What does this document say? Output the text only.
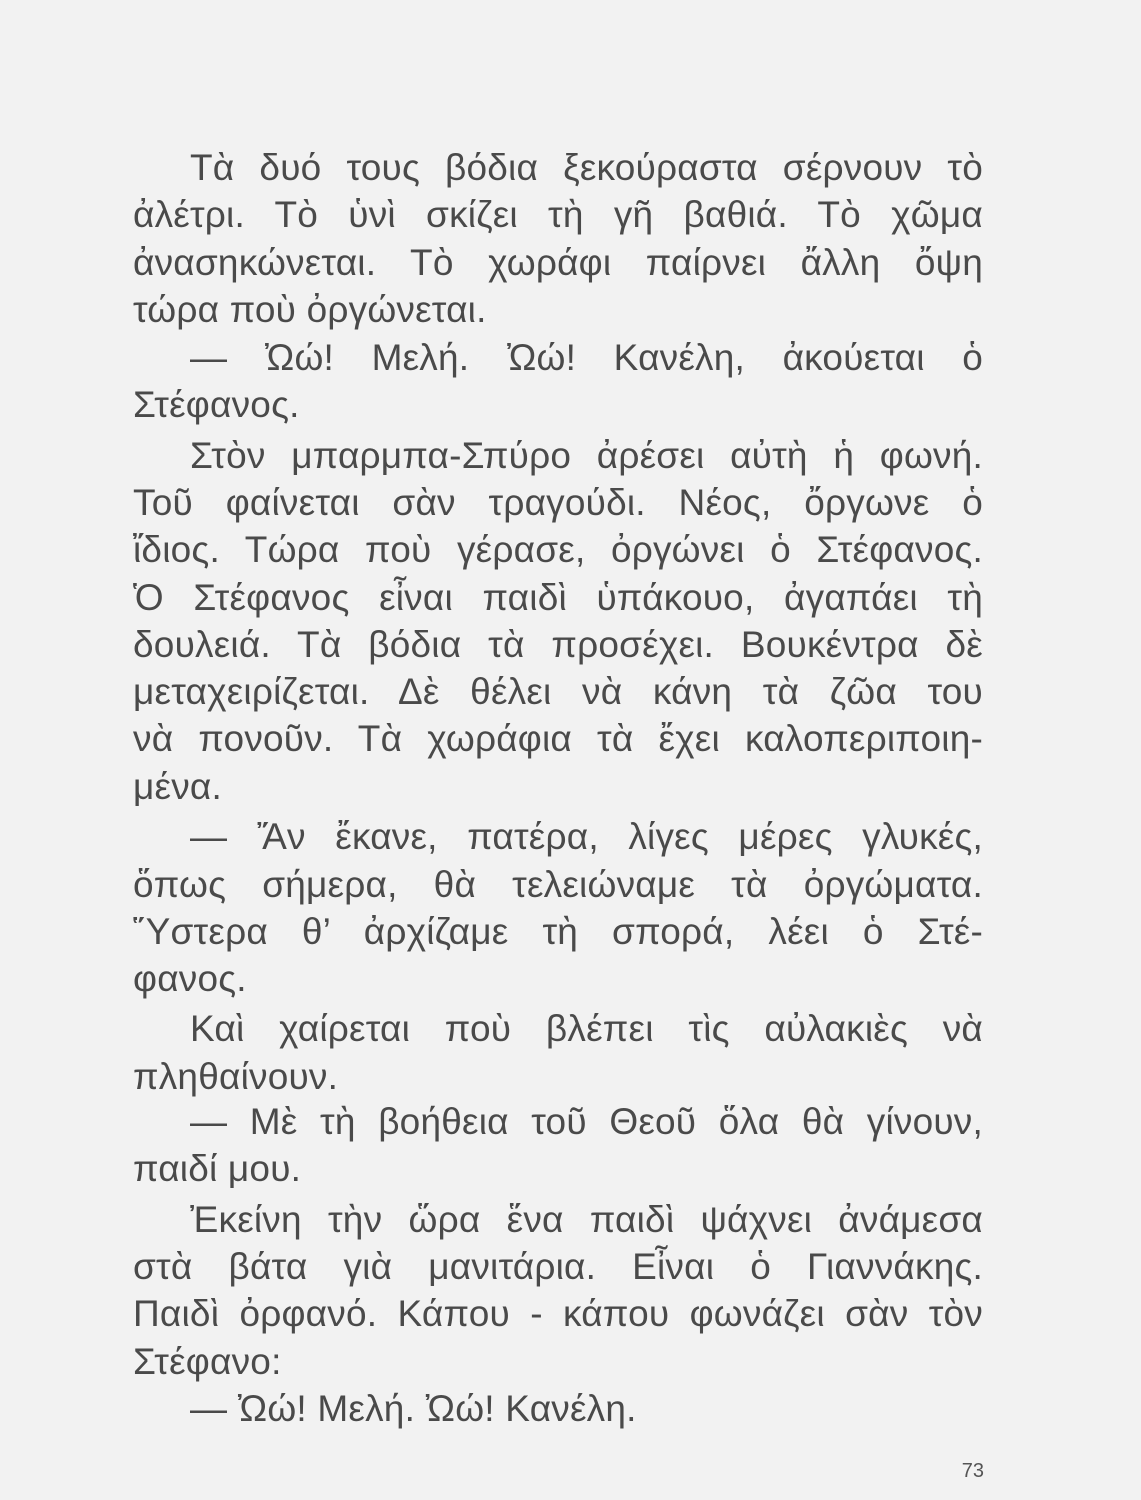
Τὰ δυό τους βόδια ξεκούραστα σέρνουν τὸ

ἀλέτρι. Τὸ ὑνὶ σκίζει τὴ γῆ βαθιά. Τὸ χῶμα

ἀνασηκώνεται. Τὸ χωράφι παίρνει ἄλλη ὄψη

τώρα ποὺ ὀργώνεται.

— Ὠώ! Μελή. Ὠώ! Κανέλη, ἀκούεται ὁ

Στέφανος.

Στὸν μπαρμπα-Σπύρο ἀρέσει αὐτὴ ἡ φωνή.

Τοῦ φαίνεται σὰν τραγούδι. Νέος, ὄργωνε ὁ

ἴδιος. Τώρα ποὺ γέρασε, ὀργώνει ὁ Στέφανος.

Ὁ Στέφανος εἶναι παιδὶ ὑπάκουο, ἀγαπάει τὴ

δουλειά. Τὰ βόδια τὰ προσέχει. Βουκέντρα δὲ

μεταχειρίζεται. Δὲ θέλει νὰ κάνη τὰ ζῶα του

νὰ πονοῦν. Τὰ χωράφια τὰ ἔχει καλοπεριποιη-

μένα.

— Ἄν ἔκανε, πατέρα, λίγες μέρες γλυκές,

ὅπως σήμερα, θὰ τελειώναμε τὰ ὀργώματα.

Ὕστερα θ’ ἀρχίζαμε τὴ σπορά, λέει ὁ Στέ-

φανος.

Καὶ χαίρεται ποὺ βλέπει τὶς αὐλακιὲς νὰ

πληθαίνουν.

— Μὲ τὴ βοήθεια τοῦ Θεοῦ ὅλα θὰ γίνουν,

παιδί μου.

Ἐκείνη τὴν ὥρα ἕνα παιδὶ ψάχνει ἀνάμεσα

στὰ βάτα γιὰ μανιτάρια. Εἶναι ὁ Γιαννάκης.

Παιδὶ ὀρφανό. Κάπου - κάπου φωνάζει σὰν τὸν

Στέφανο:

— Ὠώ! Μελή. Ὠώ! Κανέλη.

73
